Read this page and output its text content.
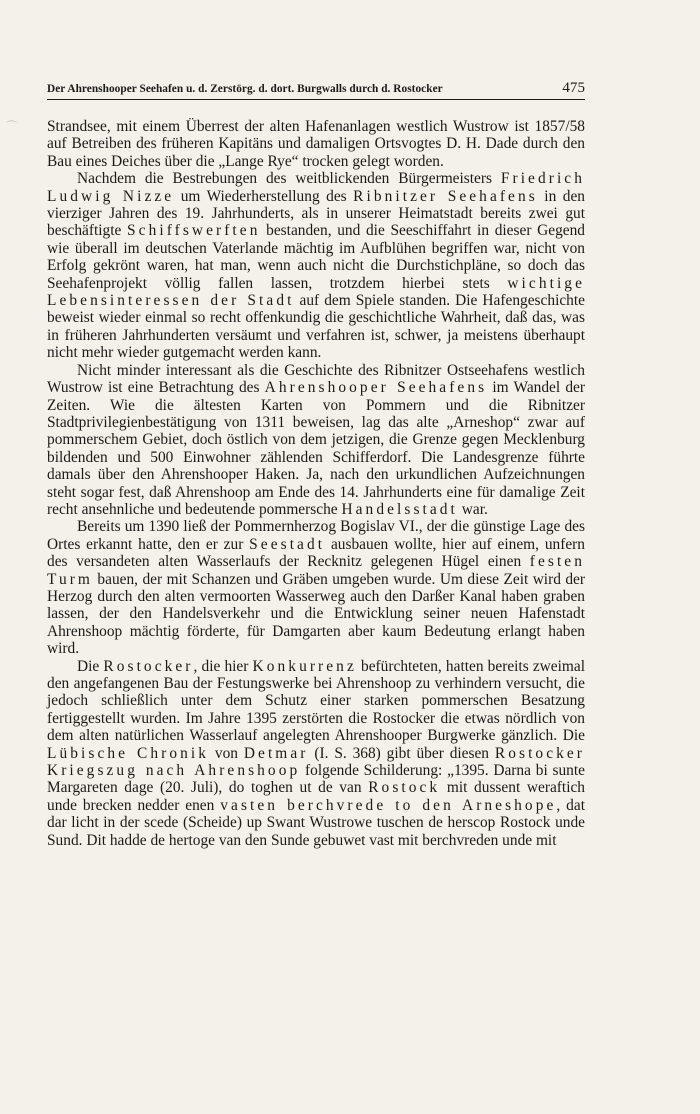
⌒
Der Ahrenshooper Seehafen u. d. Zerstörg. d. dort. Burgwalls durch d. Rostocker	475

Strandsee, mit einem Überrest der alten Hafenanlagen westlich Wustrow ist 1857/58 auf Betreiben des früheren Kapitäns und damaligen Ortsvogtes D. H. Dade durch den Bau eines Deiches über die „Lange Rye“ trocken gelegt worden.

Nachdem die Bestrebungen des weitblickenden Bürgermeisters Friedrich Ludwig Nizze um Wiederherstellung des Ribnitzer Seehafens in den vierziger Jahren des 19. Jahrhunderts, als in unserer Heimatstadt bereits zwei gut beschäftigte Schiffswerften bestanden, und die Seeschiffahrt in dieser Gegend wie überall im deutschen Vaterlande mächtig im Aufblühen begriffen war, nicht von Erfolg gekrönt waren, hat man, wenn auch nicht die Durchstichpläne, so doch das Seehafenprojekt völlig fallen lassen, trotzdem hierbei stets wichtige Lebensinteressen der Stadt auf dem Spiele standen. Die Hafengeschichte beweist wieder einmal so recht offenkundig die geschichtliche Wahrheit, daß das, was in früheren Jahrhunderten versäumt und verfahren ist, schwer, ja meistens überhaupt nicht mehr wieder gutgemacht werden kann.

Nicht minder interessant als die Geschichte des Ribnitzer Ostseehafens westlich Wustrow ist eine Betrachtung des Ahrenshooper Seehafens im Wandel der Zeiten. Wie die ältesten Karten von Pommern und die Ribnitzer Stadtprivilegienbestätigung von 1311 beweisen, lag das alte „Arneshop“ zwar auf pommerschem Gebiet, doch östlich von dem jetzigen, die Grenze gegen Mecklenburg bildenden und 500 Einwohner zählenden Schifferdorf. Die Landesgrenze führte damals über den Ahrenshooper Haken. Ja, nach den urkundlichen Aufzeichnungen steht sogar fest, daß Ahrenshoop am Ende des 14. Jahrhunderts eine für damalige Zeit recht ansehnliche und bedeutende pommersche Handelsstadt war.

Bereits um 1390 ließ der Pommernherzog Bogislav VI., der die günstige Lage des Ortes erkannt hatte, den er zur Seestadt ausbauen wollte, hier auf einem, unfern des versandeten alten Wasserlaufs der Recknitz gelegenen Hügel einen festen Turm bauen, der mit Schanzen und Gräben umgeben wurde. Um diese Zeit wird der Herzog durch den alten vermoorten Wasserweg auch den Darßer Kanal haben graben lassen, der den Handelsverkehr und die Entwicklung seiner neuen Hafenstadt Ahrenshoop mächtig förderte, für Damgarten aber kaum Bedeutung erlangt haben wird.

Die Rostocker, die hier Konkurrenz befürchteten, hatten bereits zweimal den angefangenen Bau der Festungswerke bei Ahrenshoop zu verhindern versucht, die jedoch schließlich unter dem Schutz einer starken pommerschen Besatzung fertiggestellt wurden. Im Jahre 1395 zerstörten die Rostocker die etwas nördlich von dem alten natürlichen Wasserlauf angelegten Ahrenshooper Burgwerke gänzlich. Die Lübische Chronik von Detmar (I. S. 368) gibt über diesen Rostocker Kriegszug nach Ahrenshoop folgende Schilderung: „1395. Darna bi sunte Margareten dage (20. Juli), do toghen ut de van Rostock mit dussent weraftich unde brecken nedder enen vasten berchvrede to den Arneshope, dat dar licht in der scede (Scheide) up Swant Wustrowe tuschen de herscop Rostock unde Sund. Dit hadde de hertoge van den Sunde gebuwet vast mit berchvreden unde mit
